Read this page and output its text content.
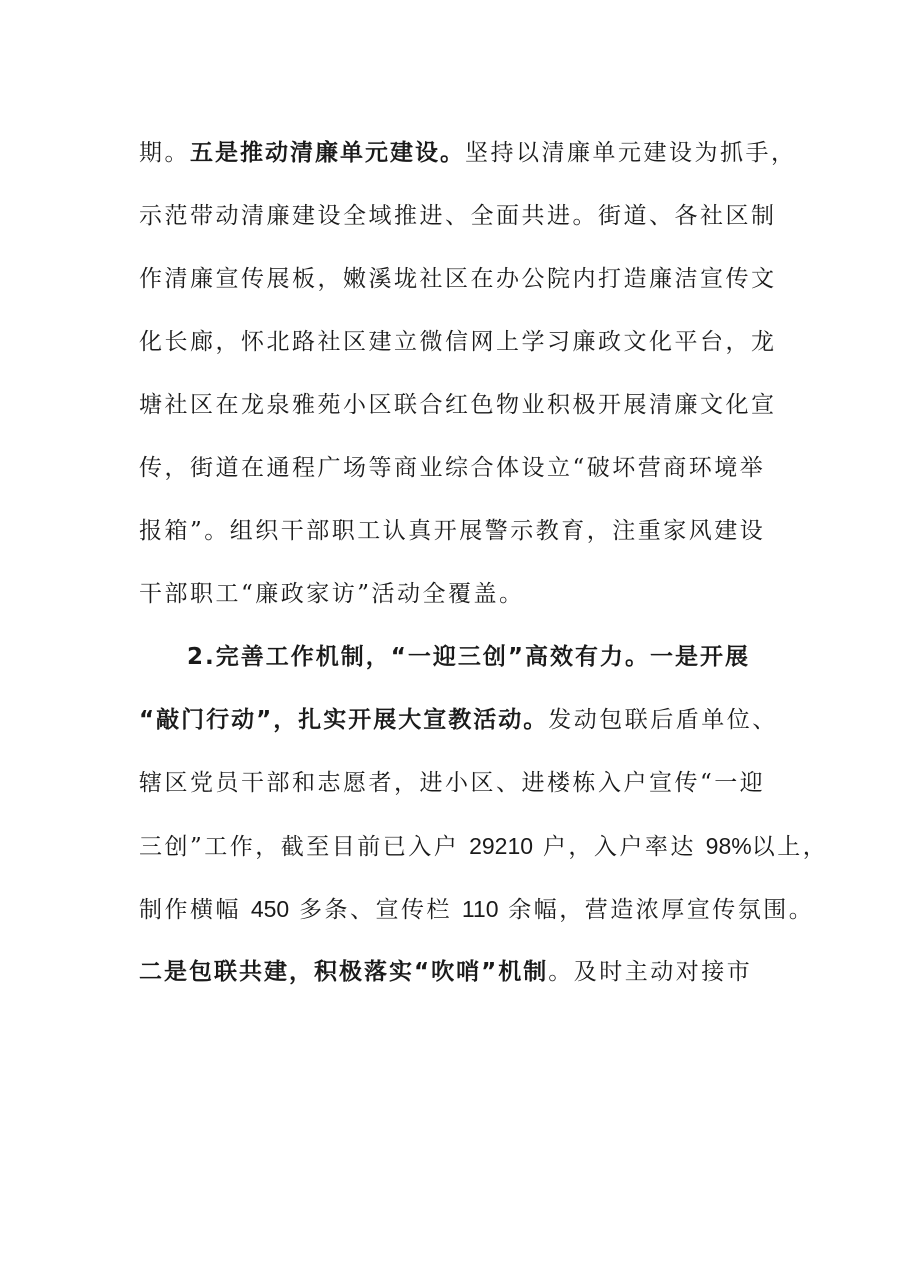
期。五是推动清廉单元建设。坚持以清廉单元建设为抓手，
示范带动清廉建设全域推进、全面共进。街道、各社区制
作清廉宣传展板，嫩溪垅社区在办公院内打造廉洁宣传文
化长廊，怀北路社区建立微信网上学习廉政文化平台，龙
塘社区在龙泉雅苑小区联合红色物业积极开展清廉文化宣
传，街道在通程广场等商业综合体设立“破坏营商环境举
报箱”。组织干部职工认真开展警示教育，注重家风建设
干部职工“廉政家访”活动全覆盖。
2.完善工作机制，“一迎三创”高效有力。一是开展
“敲门行动”，扎实开展大宣教活动。发动包联后盾单位、
辖区党员干部和志愿者，进小区、进楼栋入户宣传“一迎
三创”工作，截至目前已入户 29210 户，入户率达 98%以上，
制作横幅 450 多条、宣传栏 110 余幅，营造浓厚宣传氛围。
二是包联共建，积极落实“吹哨”机制。及时主动对接市
